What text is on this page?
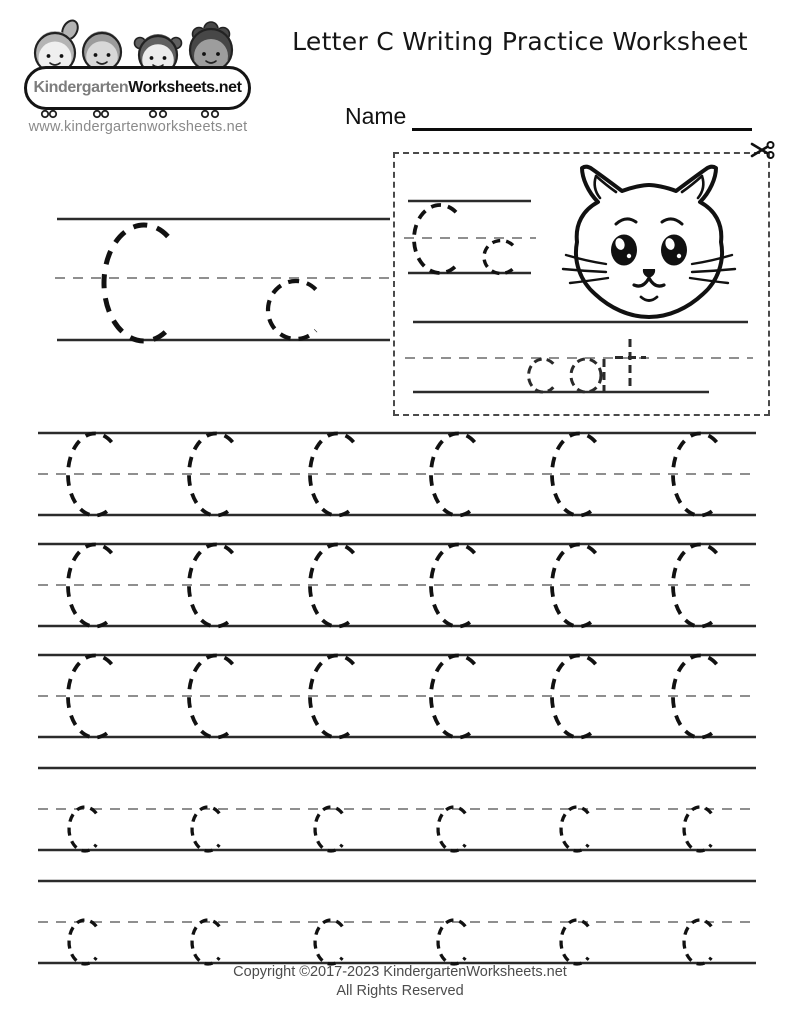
KindergartenWorksheets.net
www.kindergartenworksheets.net
Letter C Writing Practice Worksheet
Name
Copyright ©2017-2023 KindergartenWorksheets.net
All Rights Reserved
